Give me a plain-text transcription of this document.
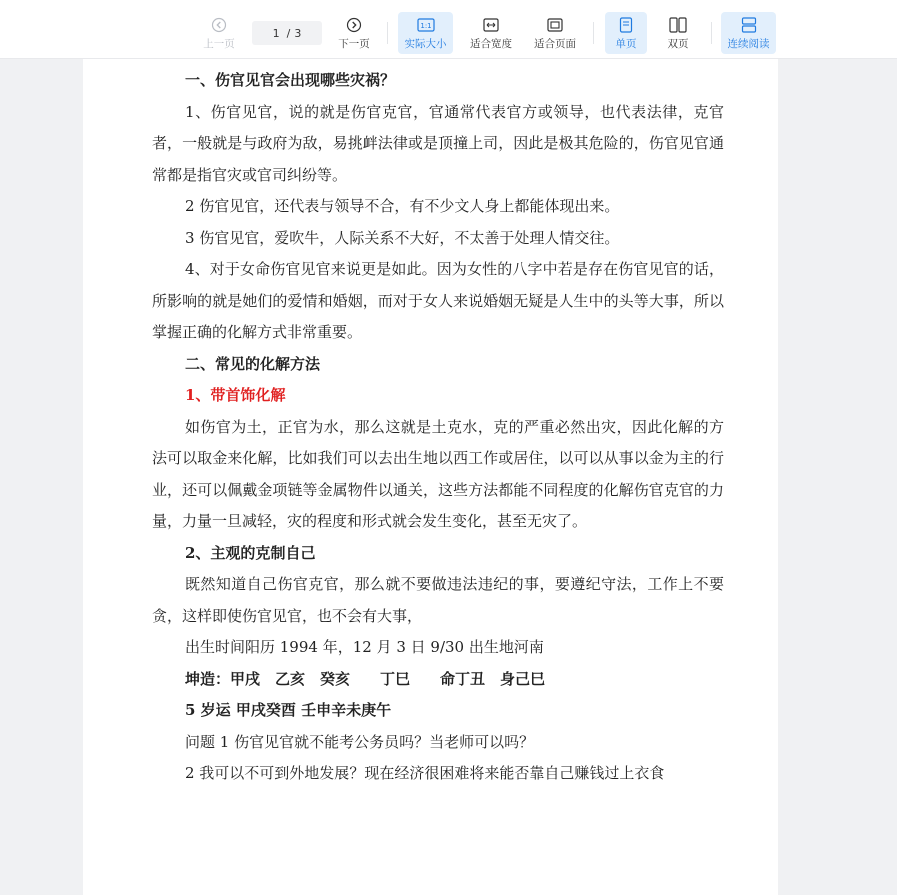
上一页
1 / 3
下一页
1:1
实际大小 适合宽度 适合页面	单页	双页	连续阅读

一、伤官见官会出现哪些灾祸？

1、伤官见官，说的就是伤官克官，官通常代表官方或领导，也代表法律，克官者，一般就是与政府为敌，易挑衅法律或是顶撞上司，因此是极其危险的，伤官见官通常都是指官灾或官司纠纷等。

2 伤官见官，还代表与领导不合，有不少文人身上都能体现出来。

3 伤官见官，爱吹牛，人际关系不大好，不太善于处理人情交往。

4、对于女命伤官见官来说更是如此。因为女性的八字中若是存在伤官见官的话，所影响的就是她们的爱情和婚姻，而对于女人来说婚姻无疑是人生中的头等大事，所以掌握正确的化解方式非常重要。

二、常见的化解方法

1、带首饰化解

如伤官为土，正官为水，那么这就是土克水，克的严重必然出灾，因此化解的方法可以取金来化解，比如我们可以去出生地以西工作或居住，以可以从事以金为主的行业，还可以佩戴金项链等金属物件以通关，这些方法都能不同程度的化解伤官克官的力量，力量一旦减轻，灾的程度和形式就会发生变化，甚至无灾了。

2、主观的克制自己

既然知道自己伤官克官，那么就不要做违法违纪的事，要遵纪守法，工作上不要贪，这样即使伤官见官，也不会有大事，

出生时间阳历 1994 年，12 月 3 日 9/30 出生地河南

坤造：甲戌　乙亥　癸亥　　丁巳　　命丁丑　身己巳

5 岁运 甲戌癸酉 壬申辛未庚午

问题 1 伤官见官就不能考公务员吗？当老师可以吗？

2 我可以不可到外地发展？现在经济很困难将来能否靠自己赚钱过上衣食
